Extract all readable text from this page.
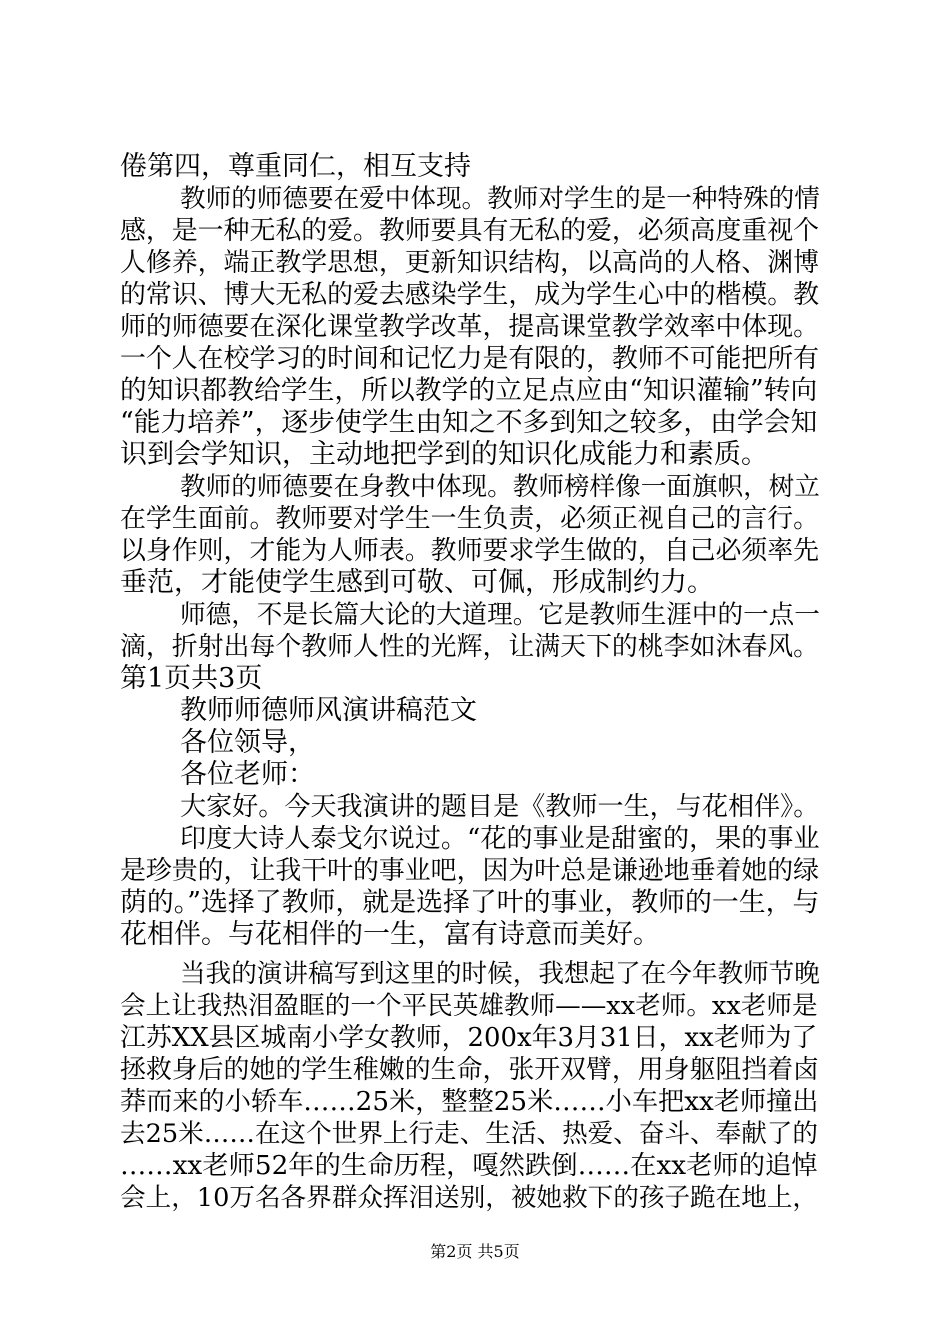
倦第四，尊重同仁，相互支持
教师的师德要在爱中体现。教师对学生的是一种特殊的情
感，是一种无私的爱。教师要具有无私的爱，必须高度重视个
人修养，端正教学思想，更新知识结构，以高尚的人格、渊博
的常识、博大无私的爱去感染学生，成为学生心中的楷模。教
师的师德要在深化课堂教学改革，提高课堂教学效率中体现。
一个人在校学习的时间和记忆力是有限的，教师不可能把所有
的知识都教给学生，所以教学的立足点应由“知识灌输”转向
“能力培养”，逐步使学生由知之不多到知之较多，由学会知
识到会学知识，主动地把学到的知识化成能力和素质。
教师的师德要在身教中体现。教师榜样像一面旗帜，树立
在学生面前。教师要对学生一生负责，必须正视自己的言行。
以身作则，才能为人师表。教师要求学生做的，自己必须率先
垂范，才能使学生感到可敬、可佩，形成制约力。
师德，不是长篇大论的大道理。它是教师生涯中的一点一
滴，折射出每个教师人性的光辉，让满天下的桃李如沐春风。
第1页共3页
教师师德师风演讲稿范文
各位领导，
各位老师：
大家好。今天我演讲的题目是《教师一生，与花相伴》。
印度大诗人泰戈尔说过。“花的事业是甜蜜的，果的事业
是珍贵的，让我干叶的事业吧，因为叶总是谦逊地垂着她的绿
荫的。”选择了教师，就是选择了叶的事业，教师的一生，与
花相伴。与花相伴的一生，富有诗意而美好。
当我的演讲稿写到这里的时候，我想起了在今年教师节晚
会上让我热泪盈眶的一个平民英雄教师——xx老师。xx老师是
江苏XX县区城南小学女教师，200x年3月31日，xx老师为了
拯救身后的她的学生稚嫩的生命，张开双臂，用身躯阻挡着卤
莽而来的小轿车……25米，整整25米……小车把xx老师撞出
去25米……在这个世界上行走、生活、热爱、奋斗、奉献了的
……xx老师52年的生命历程，嘎然跌倒……在xx老师的追悼
会上，10万名各界群众挥泪送别，被她救下的孩子跪在地上，
第2页 共5页
